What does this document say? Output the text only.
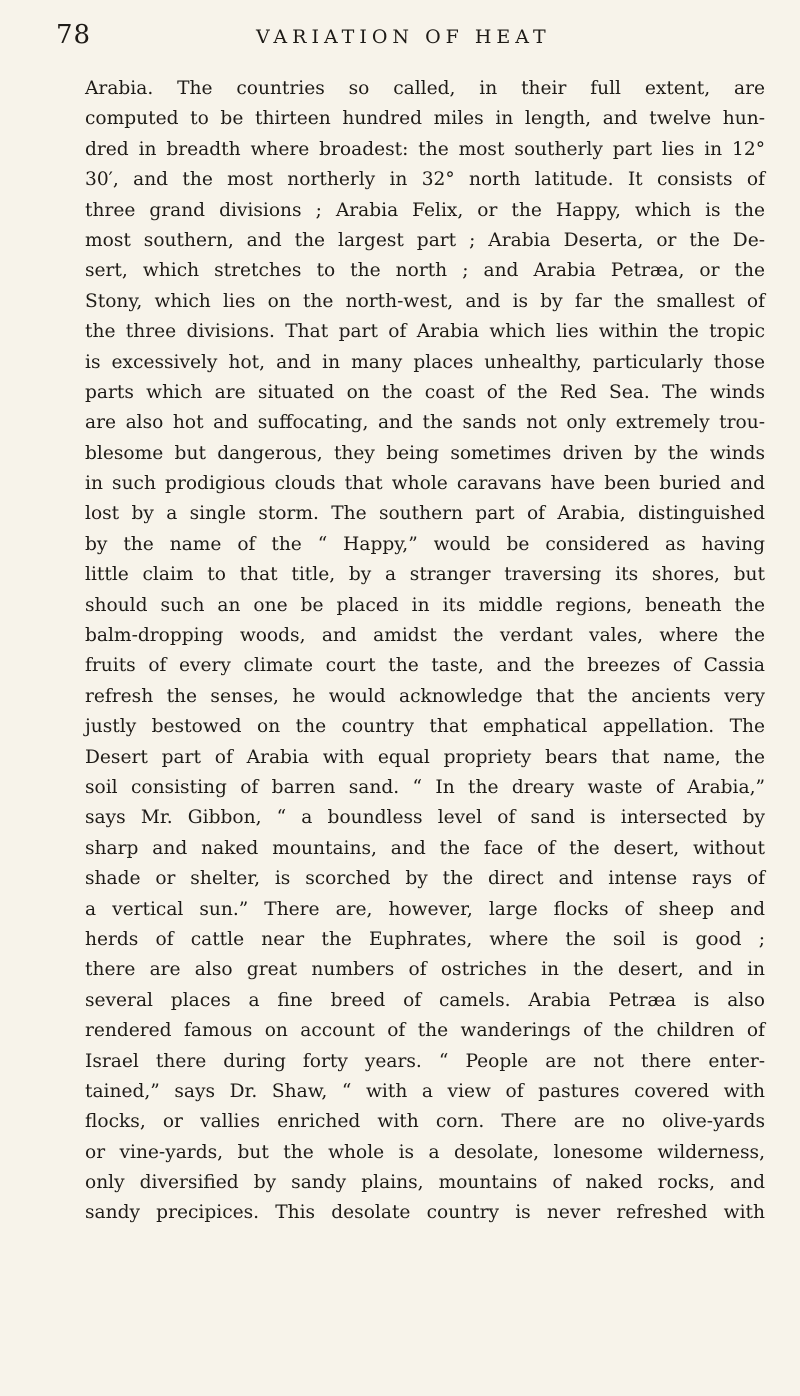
78	VARIATION OF HEAT
Arabia. The countries so called, in their full extent, are
computed to be thirteen hundred miles in length, and twelve hun-
dred in breadth where broadest: the most southerly part lies in 12°
30′, and the most northerly in 32° north latitude. It consists of
three grand divisions ; Arabia Felix, or the Happy, which is the
most southern, and the largest part ; Arabia Deserta, or the De-
sert, which stretches to the north ; and Arabia Petræa, or the
Stony, which lies on the north-west, and is by far the smallest of
the three divisions. That part of Arabia which lies within the tropic
is excessively hot, and in many places unhealthy, particularly those
parts which are situated on the coast of the Red Sea. The winds
are also hot and suffocating, and the sands not only extremely trou-
blesome but dangerous, they being sometimes driven by the winds
in such prodigious clouds that whole caravans have been buried and
lost by a single storm. The southern part of Arabia, distinguished
by the name of the “ Happy,” would be considered as having
little claim to that title, by a stranger traversing its shores, but
should such an one be placed in its middle regions, beneath the
balm-dropping woods, and amidst the verdant vales, where the
fruits of every climate court the taste, and the breezes of Cassia
refresh the senses, he would acknowledge that the ancients very
justly bestowed on the country that emphatical appellation. The
Desert part of Arabia with equal propriety bears that name, the
soil consisting of barren sand. “ In the dreary waste of Arabia,”
says Mr. Gibbon, “ a boundless level of sand is intersected by
sharp and naked mountains, and the face of the desert, without
shade or shelter, is scorched by the direct and intense rays of
a vertical sun.” There are, however, large flocks of sheep and
herds of cattle near the Euphrates, where the soil is good ;
there are also great numbers of ostriches in the desert, and in
several places a fine breed of camels. Arabia Petræa is also
rendered famous on account of the wanderings of the children of
Israel there during forty years. “ People are not there enter-
tained,” says Dr. Shaw, “ with a view of pastures covered with
flocks, or vallies enriched with corn. There are no olive-yards
or vine-yards, but the whole is a desolate, lonesome wilderness,
only diversified by sandy plains, mountains of naked rocks, and
sandy precipices. This desolate country is never refreshed with
